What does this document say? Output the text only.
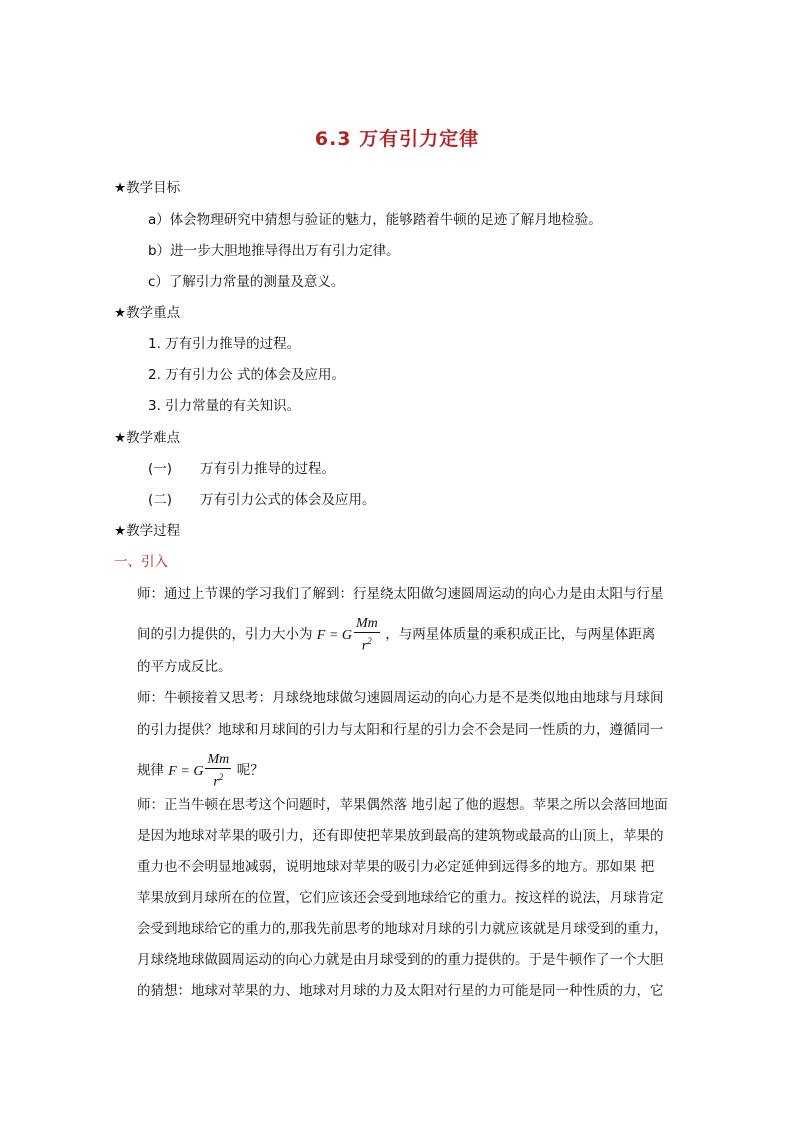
6.3 万有引力定律
★教学目标
a）体会物理研究中猜想与验证的魅力，能够踏着牛顿的足迹了解月地检验。
b）进一步大胆地推导得出万有引力定律。
c）了解引力常量的测量及意义。
★教学重点
1. 万有引力推导的过程。
2. 万有引力公 式的体会及应用。
3. 引力常量的有关知识。
★教学难点
(一) 万有引力推导的过程。
(二) 万有引力公式的体会及应用。
★教学过程
一、引入
师：通过上节课的学习我们了解到：行星绕太阳做匀速圆周运动的向心力是由太阳与行星
间的引力提供的，引力大小为 F = G $\frac{Mm}{r^2}$ ，与两星体质量的乘积成正比，与两星体距离
的平方成反比。
师：牛顿接着又思考：月球绕地球做匀速圆周运动的向心力是不是类似地由地球与月球间
的引力提供？地球和月球间的引力与太阳和行星的引力会不会是同一性质的力，遵循同一
规律 F = G $\frac{Mm}{r^2}$ 呢？
师：正当牛顿在思考这个问题时，苹果偶然落 地引起了他的遐想。苹果之所以会落回地面
是因为地球对苹果的吸引力，还有即使把苹果放到最高的建筑物或最高的山顶上，苹果的
重力也不会明显地减弱，说明地球对苹果的吸引力必定延伸到远得多的地方。那如果 把
苹果放到月球所在的位置，它们应该还会受到地球给它的重力。按这样的说法，月球肯定
会受到地球给它的重力的,那我先前思考的地球对月球的引力就应该就是月球受到的重力，
月球绕地球做圆周运动的向心力就是由月球受到的的重力提供的。于是牛顿作了一个大胆
的猜想：地球对苹果的力、地球对月球的力及太阳对行星的力可能是同一种性质的力，它
